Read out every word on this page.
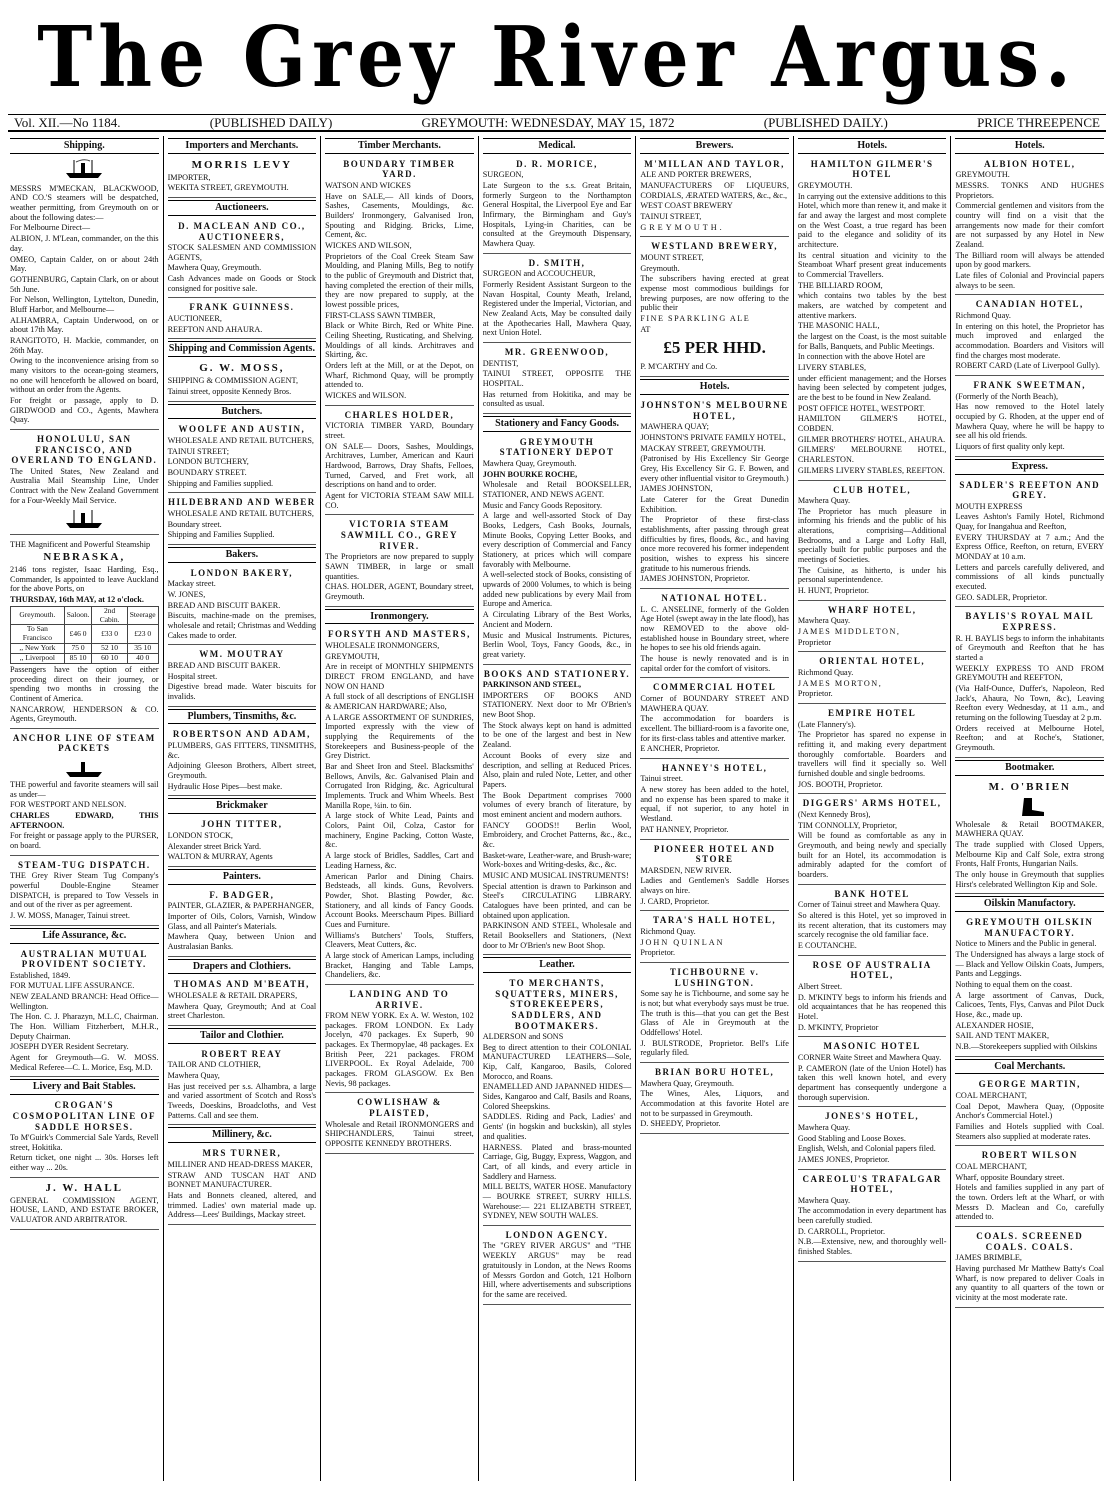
The Grey River Argus.
Vol. XII.—No 1184.	(PUBLISHED DAILY)	GREYMOUTH: WEDNESDAY, MAY 15, 1872	(PUBLISHED DAILY.)	PRICE THREEPENCE
Shipping.

MESSRS M'MECKAN, BLACKWOOD, AND CO.'S steamers will be despatched, weather permitting, from Greymouth on or about the following dates:—

For Melbourne Direct—

ALBION, J. M'Lean, commander, on the this day.

OMEO, Captain Calder, on or about 24th May.

GOTHENBURG, Captain Clark, on or about 5th June.

For Nelson, Wellington, Lyttelton, Dunedin, Bluff Harbor, and Melbourne—

ALHAMBRA, Captain Underwood, on or about 17th May.

RANGITOTO, H. Mackie, commander, on 26th May.

Owing to the inconvenience arising from so many visitors to the ocean-going steamers, no one will henceforth be allowed on board, without an order from the Agents.

For freight or passage, apply to D. GIRDWOOD and CO., Agents, Mawhera Quay.

HONOLULU, SAN FRANCISCO, AND OVERLAND TO ENGLAND.

The United States, New Zealand and Australia Mail Steamship Line, Under Contract with the New Zealand Government for a Four-Weekly Mail Service.

THE Magnificent and Powerful Steamship

NEBRASKA,

2146 tons register, Isaac Harding, Esq., Commander, Is appointed to leave Auckland for the above Ports, on

THURSDAY, 16th MAY, at 12 o'clock.

Greymouth.	Saloon.	2nd Cabin.	Steerage
To San Francisco	£46 0	£33 0	£23 0
,, New York	75 0	52 10	35 10
,, Liverpool	85 10	60 10	40 0

Passengers have the option of either proceeding direct on their journey, or spending two months in crossing the Continent of America.

NANCARROW, HENDERSON & CO. Agents, Greymouth.

ANCHOR LINE OF STEAM PACKETS

THE powerful and favorite steamers will sail as under—

FOR WESTPORT AND NELSON.

CHARLES EDWARD, THIS AFTERNOON.

For freight or passage apply to the PURSER, on board.

STEAM-TUG DISPATCH.

THE Grey River Steam Tug Company's powerful Double-Engine Steamer DISPATCH, is prepared to Tow Vessels in and out of the river as per agreement.

J. W. MOSS, Manager, Tainui street.

Life Assurance, &c.
AUSTRALIAN MUTUAL PROVIDENT SOCIETY.

Established, 1849.

FOR MUTUAL LIFE ASSURANCE.

NEW ZEALAND BRANCH: Head Office—Wellington.

The Hon. C. J. Pharazyn, M.L.C, Chairman. The Hon. William Fitzherbert, M.H.R., Deputy Chairman.

JOSEPH DYER Resident Secretary.

Agent for Greymouth—G. W. MOSS. Medical Referee—C. L. Morice, Esq, M.D.

Livery and Bait Stables.
CROGAN'S COSMOPOLITAN LINE OF SADDLE HORSES.

To M'Guirk's Commercial Sale Yards, Revell street, Hokitika.

Return ticket, one night ... 30s. Horses left either way ... 20s.

J. W. HALL

GENERAL COMMISSION AGENT, HOUSE, LAND, AND ESTATE BROKER, VALUATOR AND ARBITRATOR.

Importers and Merchants.
MORRIS LEVY

IMPORTER,

WEKITA STREET, GREYMOUTH.

Auctioneers.
D. MACLEAN AND CO., AUCTIONEERS,

STOCK SALESMEN AND COMMISSION AGENTS,

Mawhera Quay, Greymouth.

Cash Advances made on Goods or Stock consigned for positive sale.

FRANK GUINNESS.

AUCTIONEER,

REEFTON AND AHAURA.

Shipping and Commission Agents.
G. W. MOSS,

SHIPPING & COMMISSION AGENT,

Tainui street, opposite Kennedy Bros.

Butchers.
WOOLFE AND AUSTIN,

WHOLESALE AND RETAIL BUTCHERS,

TAINUI STREET;

LONDON BUTCHERY,

BOUNDARY STREET.

Shipping and Families supplied.

HILDEBRAND AND WEBER

WHOLESALE AND RETAIL BUTCHERS,

Boundary street.

Shipping and Families Supplied.

Bakers.
LONDON BAKERY,

Mackay street.

W. JONES,

BREAD AND BISCUIT BAKER.

Biscuits, machine-made on the premises, wholesale and retail; Christmas and Wedding Cakes made to order.

WM. MOUTRAY

BREAD AND BISCUIT BAKER.

Hospital street.

Digestive bread made. Water biscuits for invalids.

Plumbers, Tinsmiths, &c.
ROBERTSON AND ADAM,

PLUMBERS, GAS FITTERS, TINSMITHS, &c.

Adjoining Gleeson Brothers, Albert street, Greymouth.

Hydraulic Hose Pipes—best make.

Brickmaker
JOHN TITTER,

LONDON STOCK,

Alexander street Brick Yard.

WALTON & MURRAY, Agents

Painters.
F. BADGER,

PAINTER, GLAZIER, & PAPERHANGER,

Importer of Oils, Colors, Varnish, Window Glass, and all Painter's Materials.

Mawhera Quay, between Union and Australasian Banks.

Drapers and Clothiers.
THOMAS AND M'BEATH,

WHOLESALE & RETAIL DRAPERS,

Mawhera Quay, Greymouth; And at Coal street Charleston.

Tailor and Clothier.
ROBERT REAY

TAILOR AND CLOTHIER,

Mawhera Quay,

Has just received per s.s. Alhambra, a large and varied assortment of Scotch and Ross's Tweeds, Doeskins, Broadcloths, and Vest Patterns. Call and see them.

Millinery, &c.
MRS TURNER,

MILLINER AND HEAD-DRESS MAKER,

STRAW AND TUSCAN HAT AND BONNET MANUFACTURER.

Hats and Bonnets cleaned, altered, and trimmed. Ladies' own material made up. Address—Lees' Buildings, Mackay street.

Timber Merchants.
BOUNDARY TIMBER YARD.

WATSON AND WICKES

Have on SALE,— All kinds of Doors, Sashes, Casements, Mouldings, &c. Builders' Ironmongery, Galvanised Iron, Spouting and Ridging. Bricks, Lime, Cement, &c.

WICKES AND WILSON,

Proprietors of the Coal Creek Steam Saw Moulding, and Planing Mills, Beg to notify to the public of Greymouth and District that, having completed the erection of their mills, they are now prepared to supply, at the lowest possible prices,

FIRST-CLASS SAWN TIMBER,

Black or White Birch, Red or White Pine. Ceiling Sheeting, Rusticating, and Shelving. Mouldings of all kinds. Architraves and Skirting, &c.

Orders left at the Mill, or at the Depot, on Wharf, Richmond Quay, will be promptly attended to.

WICKES and WILSON.

CHARLES HOLDER,

VICTORIA TIMBER YARD, Boundary street.

ON SALE— Doors, Sashes, Mouldings, Architraves, Lumber, American and Kauri Hardwood, Barrows, Dray Shafts, Felloes, Turned, Carved, and Fret work, all descriptions on hand and to order.

Agent for VICTORIA STEAM SAW MILL CO.

VICTORIA STEAM SAWMILL CO., GREY RIVER.

The Proprietors are now prepared to supply SAWN TIMBER, in large or small quantities.

CHAS. HOLDER, AGENT, Boundary street, Greymouth.

Ironmongery.
FORSYTH AND MASTERS,

WHOLESALE IRONMONGERS,

GREYMOUTH,

Are in receipt of MONTHLY SHIPMENTS DIRECT FROM ENGLAND, and have NOW ON HAND

A full stock of all descriptions of ENGLISH & AMERICAN HARDWARE; Also,

A LARGE ASSORTMENT OF SUNDRIES, Imported expressly with the view of supplying the Requirements of the Storekeepers and Business-people of the Grey District.

Bar and Sheet Iron and Steel. Blacksmiths' Bellows, Anvils, &c. Galvanised Plain and Corrugated Iron Ridging, &c. Agricultural Implements. Truck and Whim Wheels. Best Manilla Rope, ¼in. to 6in.

A large stock of White Lead, Paints and Colors, Paint Oil, Colza, Castor for machinery, Engine Packing, Cotton Waste, &c.

A large stock of Bridles, Saddles, Cart and Leading Harness, &c.

American Parlor and Dining Chairs. Bedsteads, all kinds. Guns, Revolvers. Powder, Shot. Blasting Powder, &c. Stationery, and all kinds of Fancy Goods. Account Books. Meerschaum Pipes. Billiard Cues and Furniture.

Williams's Butchers' Tools, Stuffers, Cleavers, Meat Cutters, &c.

A large stock of American Lamps, including Bracket, Hanging and Table Lamps, Chandeliers, &c.

LANDING AND TO ARRIVE.

FROM NEW YORK. Ex A. W. Weston, 102 packages. FROM LONDON. Ex Lady Jocelyn, 470 packages. Ex Superb, 90 packages. Ex Thermopylae, 48 packages. Ex British Peer, 221 packages. FROM LIVERPOOL. Ex Royal Adelaide, 700 packages. FROM GLASGOW. Ex Ben Nevis, 98 packages.

COWLISHAW & PLAISTED,

Wholesale and Retail IRONMONGERS and SHIPCHANDLERS, Tainui street, OPPOSITE KENNEDY BROTHERS.

Medical.
D. R. MORICE,

SURGEON,

Late Surgeon to the s.s. Great Britain, formerly Surgeon to the Northampton General Hospital, the Liverpool Eye and Ear Infirmary, the Birmingham and Guy's Hospitals, Lying-in Charities, can be consulted at the Greymouth Dispensary, Mawhera Quay.

D. SMITH,

SURGEON and ACCOUCHEUR,

Formerly Resident Assistant Surgeon to the Navan Hospital, County Meath, Ireland, Registered under the Imperial, Victorian, and New Zealand Acts, May be consulted daily at the Apothecaries Hall, Mawhera Quay, next Union Hotel.

MR. GREENWOOD,

DENTIST,

TAINUI STREET, OPPOSITE THE HOSPITAL.

Has returned from Hokitika, and may be consulted as usual.

Stationery and Fancy Goods.
GREYMOUTH STATIONERY DEPOT

Mawhera Quay, Greymouth.

JOHN BOURKE ROCHE,

Wholesale and Retail BOOKSELLER, STATIONER, AND NEWS AGENT.

Music and Fancy Goods Repository.

A large and well-assorted Stock of Day Books, Ledgers, Cash Books, Journals, Minute Books, Copying Letter Books, and every description of Commercial and Fancy Stationery, at prices which will compare favorably with Melbourne.

A well-selected stock of Books, consisting of upwards of 2000 Volumes, to which is being added new publications by every Mail from Europe and America.

A Circulating Library of the Best Works, Ancient and Modern.

Music and Musical Instruments. Pictures, Berlin Wool, Toys, Fancy Goods, &c., in great variety.

BOOKS AND STATIONERY.

PARKINSON AND STEEL,

IMPORTERS OF BOOKS AND STATIONERY. Next door to Mr O'Brien's new Boot Shop.

The Stock always kept on hand is admitted to be one of the largest and best in New Zealand.

Account Books of every size and description, and selling at Reduced Prices. Also, plain and ruled Note, Letter, and other Papers.

The Book Department comprises 7000 volumes of every branch of literature, by most eminent ancient and modern authors.

FANCY GOODS!! Berlin Wool, Embroidery, and Crochet Patterns, &c., &c., &c.

Basket-ware, Leather-ware, and Brush-ware; Work-boxes and Writing-desks, &c., &c.

MUSIC AND MUSICAL INSTRUMENTS!

Special attention is drawn to Parkinson and Steel's CIRCULATING LIBRARY. Catalogues have been printed, and can be obtained upon application.

PARKINSON AND STEEL, Wholesale and Retail Booksellers and Stationers, (Next door to Mr O'Brien's new Boot Shop.

Leather.
TO MERCHANTS, SQUATTERS, MINERS, STOREKEEPERS, SADDLERS, AND BOOTMAKERS.

ALDERSON and SONS

Beg to direct attention to their COLONIAL MANUFACTURED LEATHERS—Sole, Kip, Calf, Kangaroo, Basils, Colored Morocco, and Roans.

ENAMELLED AND JAPANNED HIDES— Sides, Kangaroo and Calf, Basils and Roans, Colored Sheepskins.

SADDLES. Riding and Pack, Ladies' and Gents' (in hogskin and buckskin), all styles and qualities.

HARNESS. Plated and brass-mounted Carriage, Gig, Buggy, Express, Waggon, and Cart, of all kinds, and every article in Saddlery and Harness.

MILL BELTS, WATER HOSE. Manufactory— BOURKE STREET, SURRY HILLS. Warehouse:— 221 ELIZABETH STREET, SYDNEY, NEW SOUTH WALES.

LONDON AGENCY.

The "GREY RIVER ARGUS" and "THE WEEKLY ARGUS" may be read gratuitously in London, at the News Rooms of Messrs Gordon and Gotch, 121 Holborn Hill, where advertisements and subscriptions for the same are received.

Brewers.
M'MILLAN AND TAYLOR,

ALE AND PORTER BREWERS,

MANUFACTURERS OF LIQUEURS, CORDIALS, ÆRATED WATERS, &c., &c.,

WEST COAST BREWERY

TAINUI STREET,

GREYMOUTH.

WESTLAND BREWERY,

MOUNT STREET,

Greymouth.

The subscribers having erected at great expense most commodious buildings for brewing purposes, are now offering to the public their

FINE SPARKLING ALE

AT

£5 PER HHD.

P. M'CARTHY and Co.

Hotels.
JOHNSTON'S MELBOURNE HOTEL,

MAWHERA QUAY;

JOHNSTON'S PRIVATE FAMILY HOTEL,

MACKAY STREET, GREYMOUTH.

(Patronised by His Excellency Sir George Grey, His Excellency Sir G. F. Bowen, and every other influential visitor to Greymouth.)

JAMES JOHNSTON,

Late Caterer for the Great Dunedin Exhibition.

The Proprietor of these first-class establishments, after passing through great difficulties by fires, floods, &c., and having once more recovered his former independent position, wishes to express his sincere gratitude to his numerous friends.

JAMES JOHNSTON, Proprietor.

NATIONAL HOTEL.

L. C. ANSELINE, formerly of the Golden Age Hotel (swept away in the late flood), has now REMOVED to the above old-established house in Boundary street, where he hopes to see his old friends again.

The house is newly renovated and is in capital order for the comfort of visitors.

COMMERCIAL HOTEL

Corner of BOUNDARY STREET AND MAWHERA QUAY.

The accommodation for boarders is excellent. The billiard-room is a favorite one, for its first-class tables and attentive marker.

E ANCHER, Proprietor.

HANNEY'S HOTEL,

Tainui street.

A new storey has been added to the hotel, and no expense has been spared to make it equal, if not superior, to any hotel in Westland.

PAT HANNEY, Proprietor.

PIONEER HOTEL AND STORE

MARSDEN, NEW RIVER.

Ladies and Gentlemen's Saddle Horses always on hire.

J. CARD, Proprietor.

TARA'S HALL HOTEL,

Richmond Quay.

JOHN QUINLAN

Proprietor.

TICHBOURNE v. LUSHINGTON.

Some say he is Tichbourne, and some say he is not; but what everybody says must be true. The truth is this—that you can get the Best Glass of Ale in Greymouth at the Oddfellows' Hotel.

J. BULSTRODE, Proprietor. Bell's Life regularly filed.

BRIAN BORU HOTEL,

Mawhera Quay, Greymouth.

The Wines, Ales, Liquors, and Accommodation at this favorite Hotel are not to be surpassed in Greymouth.

D. SHEEDY, Proprietor.

Hotels.
HAMILTON GILMER'S HOTEL

GREYMOUTH.

In carrying out the extensive additions to this Hotel, which more than renew it, and make it far and away the largest and most complete on the West Coast, a true regard has been paid to the elegance and solidity of its architecture.

Its central situation and vicinity to the Steamboat Wharf present great inducements to Commercial Travellers.

THE BILLIARD ROOM,

which contains two tables by the best makers, are watched by competent and attentive markers.

THE MASONIC HALL,

the largest on the Coast, is the most suitable for Balls, Banquets, and Public Meetings.

In connection with the above Hotel are

LIVERY STABLES,

under efficient management; and the Horses having been selected by competent judges, are the best to be found in New Zealand.

POST OFFICE HOTEL, WESTPORT.

HAMILTON GILMER'S HOTEL, COBDEN.

GILMER BROTHERS' HOTEL, AHAURA.

GILMERS' MELBOURNE HOTEL, CHARLESTON.

GILMERS LIVERY STABLES, REEFTON.

CLUB HOTEL,

Mawhera Quay.

The Proprietor has much pleasure in informing his friends and the public of his alterations, comprising—Additional Bedrooms, and a Large and Lofty Hall, specially built for public purposes and the meetings of Societies.

The Cuisine, as hitherto, is under his personal superintendence.

H. HUNT, Proprietor.

WHARF HOTEL,

Mawhera Quay.

JAMES MIDDLETON,

Proprietor

ORIENTAL HOTEL,

Richmond Quay.

JAMES MORTON,

Proprietor.

EMPIRE HOTEL

(Late Flannery's).

The Proprietor has spared no expense in refitting it, and making every department thoroughly comfortable. Boarders and travellers will find it specially so. Well furnished double and single bedrooms.

JOS. BOOTH, Proprietor.

DIGGERS' ARMS HOTEL,

(Next Kennedy Bros),

TIM CONNOLLY, Proprietor,

Will be found as comfortable as any in Greymouth, and being newly and specially built for an Hotel, its accommodation is admirably adapted for the comfort of boarders.

BANK HOTEL

Corner of Tainui street and Mawhera Quay.

So altered is this Hotel, yet so improved in its recent alteration, that its customers may scarcely recognise the old familiar face.

E COUTANCHE.

ROSE OF AUSTRALIA HOTEL,

Albert Street.

D. M'KINTY begs to inform his friends and old acquaintances that he has reopened this Hotel.

D. M'KINTY, Proprietor

MASONIC HOTEL

CORNER Waite Street and Mawhera Quay.

P. CAMERON (late of the Union Hotel) has taken this well known hotel, and every department has consequently undergone a thorough supervision.

JONES'S HOTEL,

Mawhera Quay.

Good Stabling and Loose Boxes.

English, Welsh, and Colonial papers filed.

JAMES JONES, Proprietor.

CAREOLU'S TRAFALGAR HOTEL,

Mawhera Quay.

The accommodation in every department has been carefully studied.

D. CARROLL, Proprietor.

N.B.—Extensive, new, and thoroughly well-finished Stables.

Hotels.
ALBION HOTEL,

GREYMOUTH.

MESSRS. TONKS AND HUGHES Proprietors.

Commercial gentlemen and visitors from the country will find on a visit that the arrangements now made for their comfort are not surpassed by any Hotel in New Zealand.

The Billiard room will always be attended upon by good markers.

Late files of Colonial and Provincial papers always to be seen.

CANADIAN HOTEL,

Richmond Quay.

In entering on this hotel, the Proprietor has much improved and enlarged the accommodation. Boarders and Visitors will find the charges most moderate.

ROBERT CARD (Late of Liverpool Gully).

FRANK SWEETMAN,

(Formerly of the North Beach),

Has now removed to the Hotel lately occupied by G. Rhoden, at the upper end of Mawhera Quay, where he will be happy to see all his old friends.

Liquors of first quality only kept.

Express.
SADLER'S REEFTON AND GREY.

MOUTH EXPRESS

Leaves Ashton's Family Hotel, Richmond Quay, for Inangahua and Reefton,

EVERY THURSDAY at 7 a.m.; And the Express Office, Reefton, on return, EVERY MONDAY at 10 a.m.

Letters and parcels carefully delivered, and commissions of all kinds punctually executed.

GEO. SADLER, Proprietor.

BAYLIS'S ROYAL MAIL EXPRESS.

R. H. BAYLIS begs to inform the inhabitants of Greymouth and Reefton that he has started a

WEEKLY EXPRESS TO AND FROM GREYMOUTH and REEFTON,

(Via Half-Ounce, Duffer's, Napoleon, Red Jack's, Ahaura, No Town, &c), Leaving Reefton every Wednesday, at 11 a.m., and returning on the following Tuesday at 2 p.m.

Orders received at Melbourne Hotel, Reefton; and at Roche's, Stationer, Greymouth.

Bootmaker.
M. O'BRIEN

Wholesale & Retail BOOTMAKER, MAWHERA QUAY.

The trade supplied with Closed Uppers, Melbourne Kip and Calf Sole, extra strong Fronts, Half Fronts, Hungarian Nails.

The only house in Greymouth that supplies Hirst's celebrated Wellington Kip and Sole.

Oilskin Manufactory.
GREYMOUTH OILSKIN MANUFACTORY.

Notice to Miners and the Public in general.

The Undersigned has always a large stock of— Black and Yellow Oilskin Coats, Jumpers, Pants and Leggings.

Nothing to equal them on the coast.

A large assortment of Canvas, Duck, Calicoes, Tents, Flys, Canvas and Pilot Duck Hose, &c., made up.

ALEXANDER HOSIE,

SAIL AND TENT MAKER,

N.B.—Storekeepers supplied with Oilskins

Coal Merchants.
GEORGE MARTIN,

COAL MERCHANT,

Coal Depot, Mawhera Quay, (Opposite Anchor's Commercial Hotel.)

Families and Hotels supplied with Coal. Steamers also supplied at moderate rates.

ROBERT WILSON

COAL MERCHANT,

Wharf, opposite Boundary street.

Hotels and families supplied in any part of the town. Orders left at the Wharf, or with Messrs D. Maclean and Co, carefully attended to.

COALS. SCREENED COALS. COALS.

JAMES BRIMBLE,

Having purchased Mr Matthew Batty's Coal Wharf, is now prepared to deliver Coals in any quantity to all quarters of the town or vicinity at the most moderate rate.
